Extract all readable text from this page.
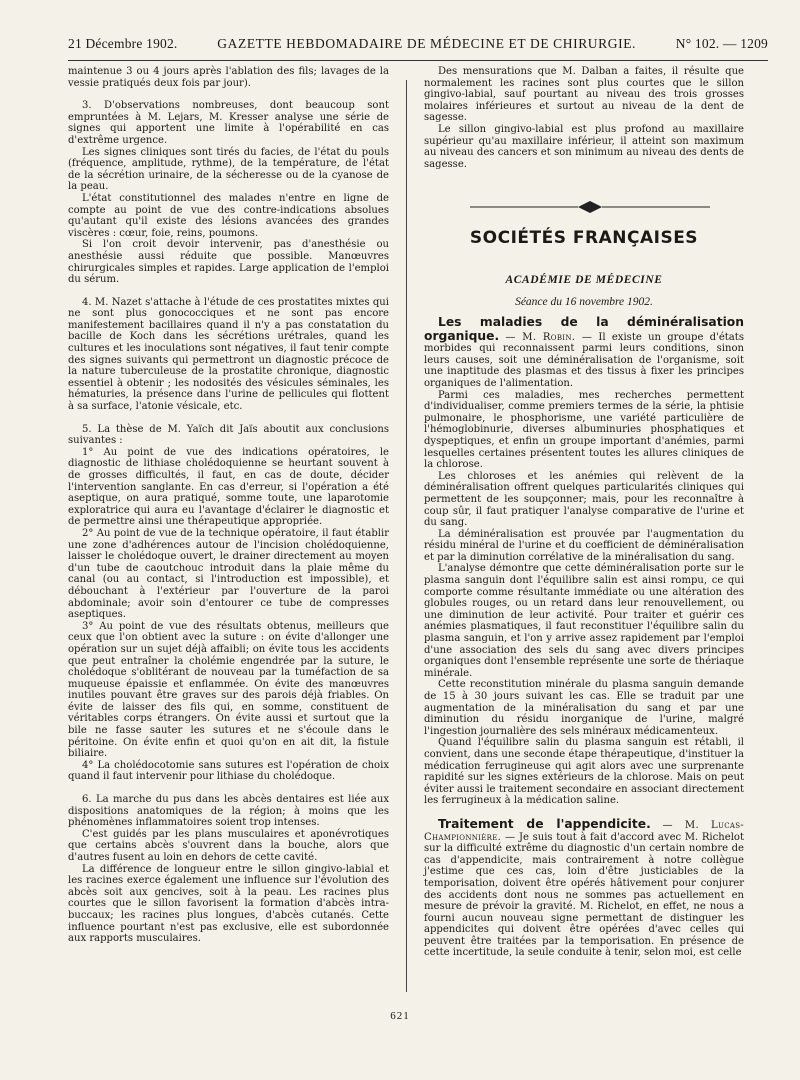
21 Décembre 1902.	GAZETTE HEBDOMADAIRE DE MÉDECINE ET DE CHIRURGIE.	N° 102. — 1209

maintenue 3 ou 4 jours après l'ablation des fils; lavages de la vessie pratiqués deux fois par jour).

3. D'observations nombreuses, dont beaucoup sont empruntées à M. Lejars, M. Kresser analyse une série de signes qui apportent une limite à l'opérabilité en cas d'extrême urgence.

Les signes cliniques sont tirés du facies, de l'état du pouls (fréquence, amplitude, rythme), de la température, de l'état de la sécrétion urinaire, de la sécheresse ou de la cyanose de la peau.

L'état constitutionnel des malades n'entre en ligne de compte au point de vue des contre-indications absolues qu'autant qu'il existe des lésions avancées des grandes viscères : cœur, foie, reins, poumons.

Si l'on croit devoir intervenir, pas d'anesthésie ou anesthésie aussi réduite que possible. Manœuvres chirurgicales simples et rapides. Large application de l'emploi du sérum.

4. M. Nazet s'attache à l'étude de ces prostatites mixtes qui ne sont plus gonococciques et ne sont pas encore manifestement bacillaires quand il n'y a pas constatation du bacille de Koch dans les sécrétions urétrales, quand les cultures et les inoculations sont négatives, il faut tenir compte des signes suivants qui permettront un diagnostic précoce de la nature tuberculeuse de la prostatite chronique, diagnostic essentiel à obtenir ; les nodosités des vésicules séminales, les hématuries, la présence dans l'urine de pellicules qui flottent à sa surface, l'atonie vésicale, etc.

5. La thèse de M. Yaïch dit Jaïs aboutit aux conclusions suivantes :

1° Au point de vue des indications opératoires, le diagnostic de lithiase cholédoquienne se heurtant souvent à de grosses difficultés, il faut, en cas de doute, décider l'intervention sanglante. En cas d'erreur, si l'opération a été aseptique, on aura pratiqué, somme toute, une laparotomie exploratrice qui aura eu l'avantage d'éclairer le diagnostic et de permettre ainsi une thérapeutique appropriée.

2° Au point de vue de la technique opératoire, il faut établir une zone d'adhérences autour de l'incision cholédoquienne, laisser le cholédoque ouvert, le drainer directement au moyen d'un tube de caoutchouc introduit dans la plaie même du canal (ou au contact, si l'introduction est impossible), et débouchant à l'extérieur par l'ouverture de la paroi abdominale; avoir soin d'entourer ce tube de compresses aseptiques.

3° Au point de vue des résultats obtenus, meilleurs que ceux que l'on obtient avec la suture : on évite d'allonger une opération sur un sujet déjà affaibli; on évite tous les accidents que peut entraîner la cholémie engendrée par la suture, le cholédoque s'oblitérant de nouveau par la tuméfaction de sa muqueuse épaissie et enflammée. On évite des manœuvres inutiles pouvant être graves sur des parois déjà friables. On évite de laisser des fils qui, en somme, constituent de véritables corps étrangers. On évite aussi et surtout que la bile ne fasse sauter les sutures et ne s'écoule dans le péritoine. On évite enfin et quoi qu'on en ait dit, la fistule biliaire.

4° La cholédocotomie sans sutures est l'opération de choix quand il faut intervenir pour lithiase du cholédoque.

6. La marche du pus dans les abcès dentaires est liée aux dispositions anatomiques de la région; à moins que les phénomènes inflammatoires soient trop intenses.

C'est guidés par les plans musculaires et aponévrotiques que certains abcès s'ouvrent dans la bouche, alors que d'autres fusent au loin en dehors de cette cavité.

La différence de longueur entre le sillon gingivo-labial et les racines exerce également une influence sur l'évolution des abcès soit aux gencives, soit à la peau. Les racines plus courtes que le sillon favorisent la formation d'abcès intra-buccaux; les racines plus longues, d'abcès cutanés. Cette influence pourtant n'est pas exclusive, elle est subordonnée aux rapports musculaires.

Des mensurations que M. Dalban a faites, il résulte que normalement les racines sont plus courtes que le sillon gingivo-labial, sauf pourtant au niveau des trois grosses molaires inférieures et surtout au niveau de la dent de sagesse.

Le sillon gingivo-labial est plus profond au maxillaire supérieur qu'au maxillaire inférieur, il atteint son maximum au niveau des cancers et son minimum au niveau des dents de sagesse.

SOCIÉTÉS FRANÇAISES
ACADÉMIE DE MÉDECINE
Séance du 16 novembre 1902.

Les maladies de la déminéralisation organique. — M. Robin. — Il existe un groupe d'états morbides qui reconnaissent parmi leurs conditions, sinon leurs causes, soit une déminéralisation de l'organisme, soit une inaptitude des plasmas et des tissus à fixer les principes organiques de l'alimentation.

Parmi ces maladies, mes recherches permettent d'individualiser, comme premiers termes de la série, la phtisie pulmonaire, le phosphorisme, une variété particulière de l'hémoglobinurie, diverses albuminuries phosphatiques et dyspeptiques, et enfin un groupe important d'anémies, parmi lesquelles certaines présentent toutes les allures cliniques de la chlorose.

Les chloroses et les anémies qui relèvent de la déminéralisation offrent quelques particularités cliniques qui permettent de les soupçonner; mais, pour les reconnaître à coup sûr, il faut pratiquer l'analyse comparative de l'urine et du sang.

La déminéralisation est prouvée par l'augmentation du résidu minéral de l'urine et du coefficient de déminéralisation et par la diminution corrélative de la minéralisation du sang.

L'analyse démontre que cette déminéralisation porte sur le plasma sanguin dont l'équilibre salin est ainsi rompu, ce qui comporte comme résultante immédiate ou une altération des globules rouges, ou un retard dans leur renouvellement, ou une diminution de leur activité. Pour traiter et guérir ces anémies plasmatiques, il faut reconstituer l'équilibre salin du plasma sanguin, et l'on y arrive assez rapidement par l'emploi d'une association des sels du sang avec divers principes organiques dont l'ensemble représente une sorte de thériaque minérale.

Cette reconstitution minérale du plasma sanguin demande de 15 à 30 jours suivant les cas. Elle se traduit par une augmentation de la minéralisation du sang et par une diminution du résidu inorganique de l'urine, malgré l'ingestion journalière des sels minéraux médicamenteux.

Quand l'équilibre salin du plasma sanguin est rétabli, il convient, dans une seconde étape thérapeutique, d'instituer la médication ferrugineuse qui agit alors avec une surprenante rapidité sur les signes extérieurs de la chlorose. Mais on peut éviter aussi le traitement secondaire en associant directement les ferrugineux à la médication saline.

Traitement de l'appendicite. — M. Lucas-Championnière. — Je suis tout à fait d'accord avec M. Richelot sur la difficulté extrême du diagnostic d'un certain nombre de cas d'appendicite, mais contrairement à notre collègue j'estime que ces cas, loin d'être justiciables de la temporisation, doivent être opérés hâtivement pour conjurer des accidents dont nous ne sommes pas actuellement en mesure de prévoir la gravité. M. Richelot, en effet, ne nous a fourni aucun nouveau signe permettant de distinguer les appendicites qui doivent être opérées d'avec celles qui peuvent être traitées par la temporisation. En présence de cette incertitude, la seule conduite à tenir, selon moi, est celle

621
